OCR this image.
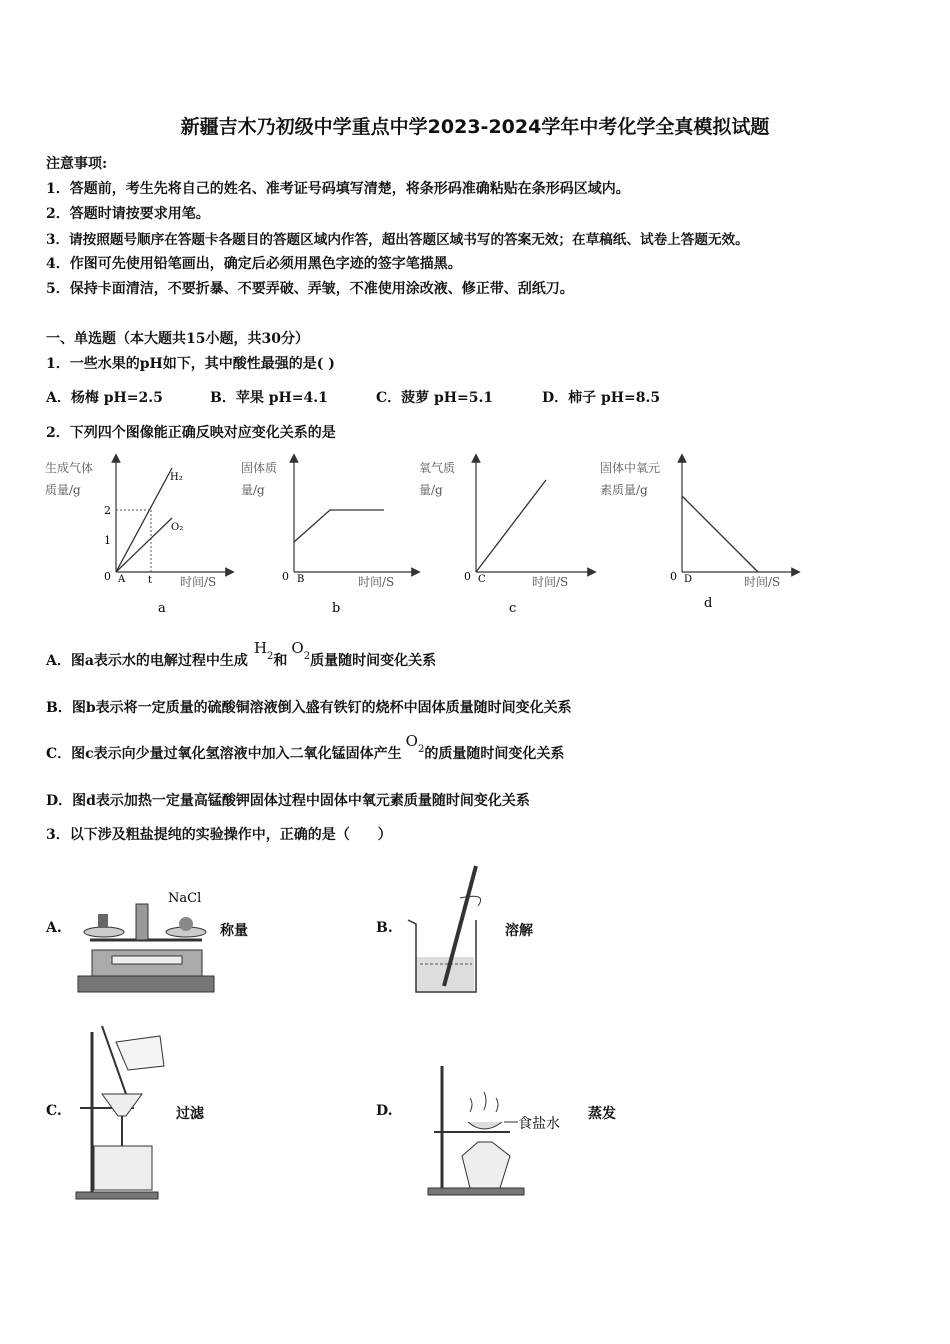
新疆吉木乃初级中学重点中学2023-2024学年中考化学全真模拟试题
注意事项:
1．答题前，考生先将自己的姓名、准考证号码填写清楚，将条形码准确粘贴在条形码区域内。
2．答题时请按要求用笔。
3．请按照题号顺序在答题卡各题目的答题区域内作答，超出答题区域书写的答案无效；在草稿纸、试卷上答题无效。
4．作图可先使用铅笔画出，确定后必须用黑色字迹的签字笔描黑。
5．保持卡面清洁，不要折暴、不要弄破、弄皱，不准使用涂改液、修正带、刮纸刀。
一、单选题（本大题共15小题，共30分）
1．一些水果的pH如下，其中酸性最强的是( )
A．杨梅 pH=2.5	B．苹果 pH=4.1	C．菠萝 pH=5.1	D．柿子 pH=8.5
2．下列四个图像能正确反映对应变化关系的是
生成气体
质量/g
H₂
O₂
2
1
0 A t 时间/S
a
固体质
量/g
0 B	时间/S
b
氧气质
量/g
0 C	时间/S
c
固体中氧元
素质量/g
0 D	时间/S
d
A．图a表示水的电解过程中生成$H^2$和$O^2$质量随时间变化关系
B．图b表示将一定质量的硫酸铜溶液倒入盛有铁钉的烧杯中固体质量随时间变化关系
C．图c表示向少量过氧化氢溶液中加入二氧化锰固体产生$O^2$的质量随时间变化关系
D．图d表示加热一定量高锰酸钾固体过程中固体中氧元素质量随时间变化关系
3．以下涉及粗盐提纯的实验操作中，正确的是（　　）
A.
NaCl
称量	B.	溶解
C.	过滤	D.
食盐水
蒸发
